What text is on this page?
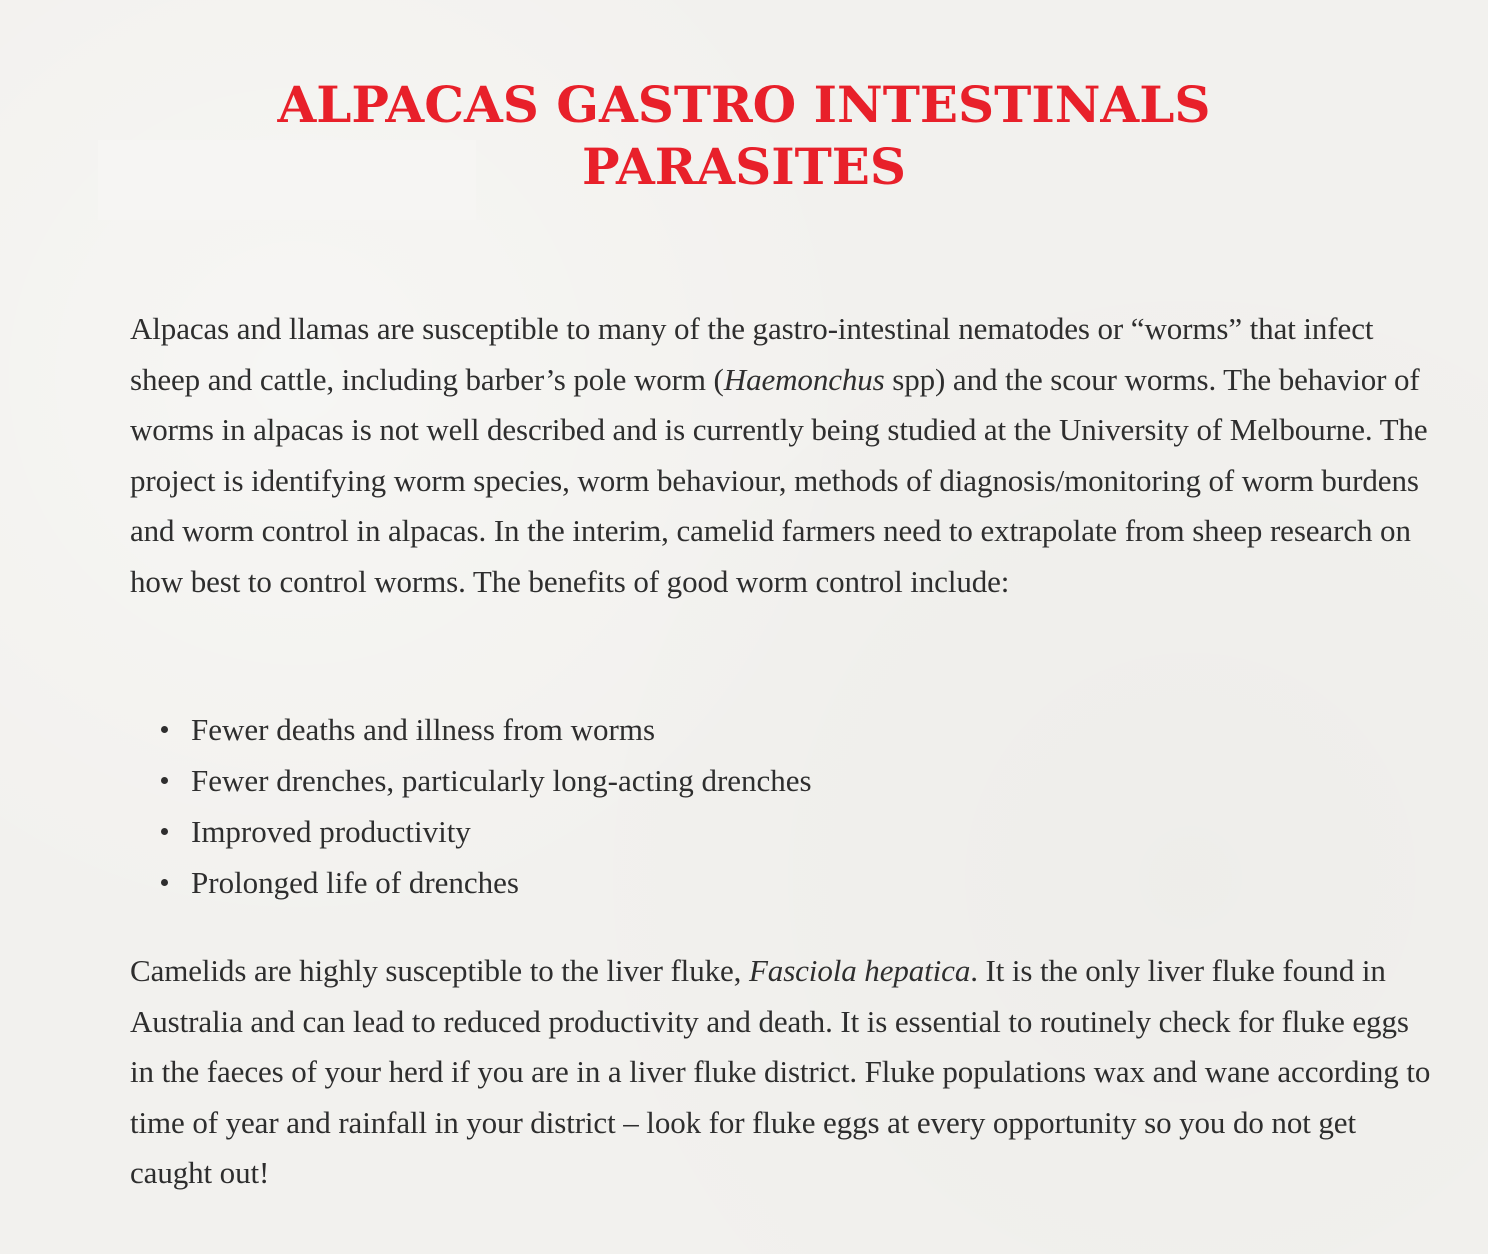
ALPACAS GASTRO INTESTINALS
PARASITES

Alpacas and llamas are susceptible to many of the gastro-intestinal nematodes or “worms” that infect sheep and cattle, including barber’s pole worm (Haemonchus spp) and the scour worms. The behavior of worms in alpacas is not well described and is currently being studied at the University of Melbourne. The project is identifying worm species, worm behaviour, methods of diagnosis/monitoring of worm burdens and worm control in alpacas. In the interim, camelid farmers need to extrapolate from sheep research on how best to control worms. The benefits of good worm control include:

Fewer deaths and illness from worms
Fewer drenches, particularly long-acting drenches
Improved productivity
Prolonged life of drenches

Camelids are highly susceptible to the liver fluke, Fasciola hepatica. It is the only liver fluke found in Australia and can lead to reduced productivity and death. It is essential to routinely check for fluke eggs in the faeces of your herd if you are in a liver fluke district. Fluke populations wax and wane according to time of year and rainfall in your district – look for fluke eggs at every opportunity so you do not get caught out!
